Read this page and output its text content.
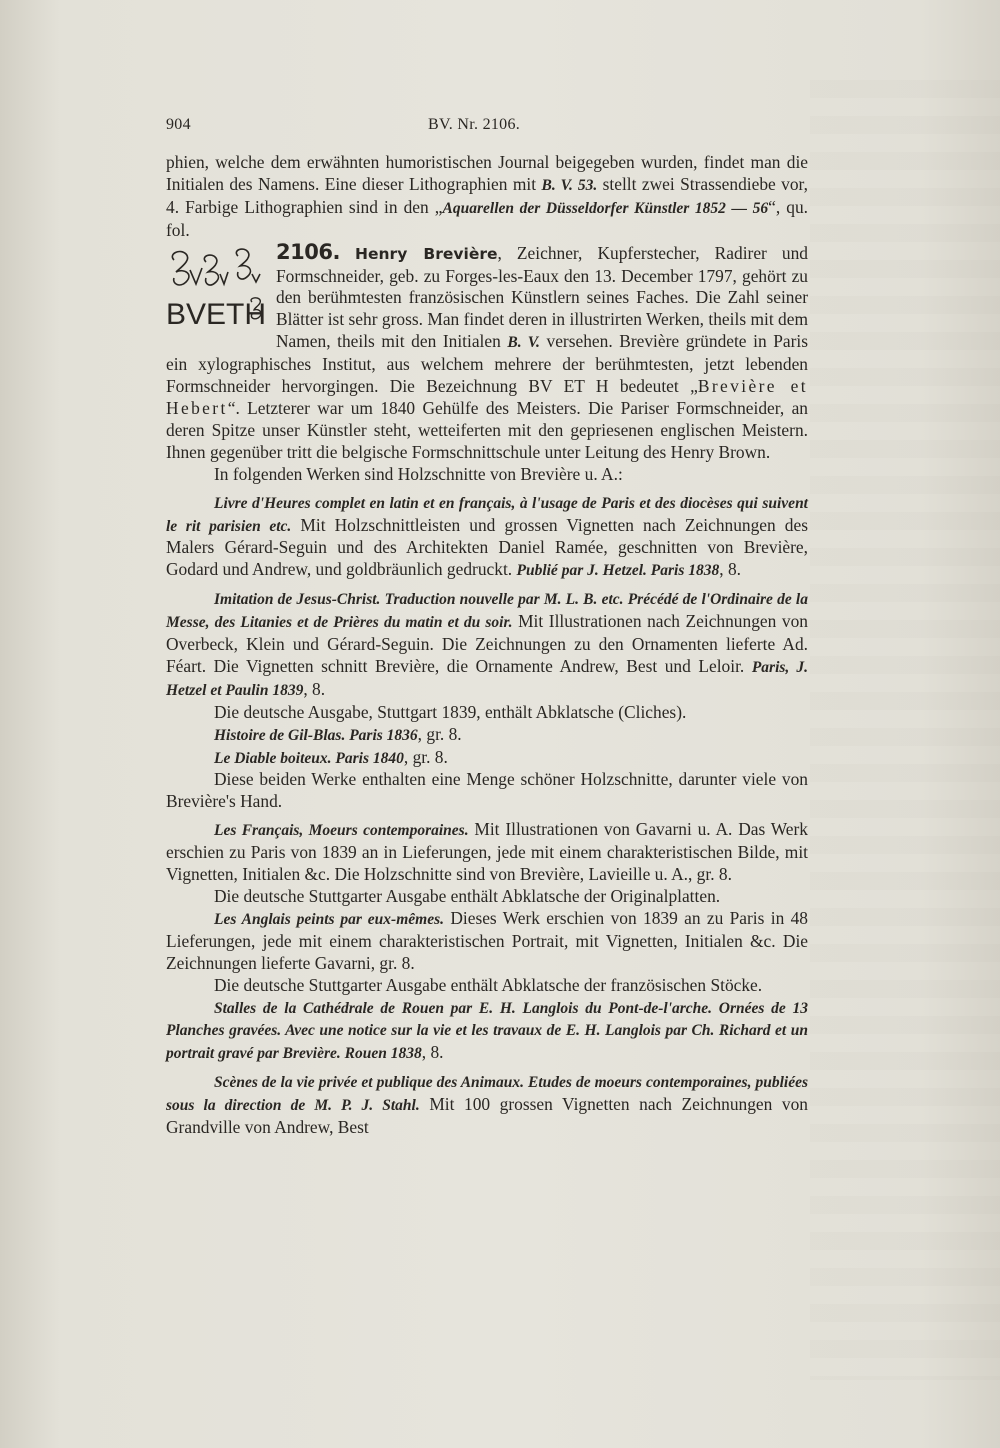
904	BV. Nr. 2106.

phien, welche dem erwähnten humoristischen Journal beigegeben wurden, findet man die Initialen des Namens. Eine dieser Lithographien mit B. V. 53. stellt zwei Strassendiebe vor, 4. Farbige Lithographien sind in den „Aquarellen der Düsseldorfer Künstler 1852 — 56“, qu. fol.

BVETH
2106. Henry Brevière, Zeichner, Kupferstecher, Radirer und Formschneider, geb. zu Forges-les-Eaux den 13. December 1797, gehört zu den berühmtesten französischen Künstlern seines Faches. Die Zahl seiner Blätter ist sehr gross. Man findet deren in illustrirten Werken, theils mit dem Namen, theils mit den Initialen B. V. versehen. Brevière gründete in Paris ein xylographisches Institut, aus welchem mehrere der berühmtesten, jetzt lebenden Formschneider hervorgingen. Die Bezeichnung BV ET H bedeutet „Brevière et Hebert“. Letzterer war um 1840 Gehülfe des Meisters. Die Pariser Formschneider, an deren Spitze unser Künstler steht, wetteiferten mit den gepriesenen englischen Meistern. Ihnen gegenüber tritt die belgische Formschnittschule unter Leitung des Henry Brown.

In folgenden Werken sind Holzschnitte von Brevière u. A.:

Livre d'Heures complet en latin et en français, à l'usage de Paris et des diocèses qui suivent le rit parisien etc. Mit Holzschnittleisten und grossen Vignetten nach Zeichnungen des Malers Gérard-Seguin und des Architekten Daniel Ramée, geschnitten von Brevière, Godard und Andrew, und goldbräunlich gedruckt. Publié par J. Hetzel. Paris 1838, 8.

Imitation de Jesus-Christ. Traduction nouvelle par M. L. B. etc. Précédé de l'Ordinaire de la Messe, des Litanies et de Prières du matin et du soir. Mit Illustrationen nach Zeichnungen von Overbeck, Klein und Gérard-Seguin. Die Zeichnungen zu den Ornamenten lieferte Ad. Féart. Die Vignetten schnitt Brevière, die Ornamente Andrew, Best und Leloir. Paris, J. Hetzel et Paulin 1839, 8.

Die deutsche Ausgabe, Stuttgart 1839, enthält Abklatsche (Cliches).

Histoire de Gil-Blas. Paris 1836, gr. 8.

Le Diable boiteux. Paris 1840, gr. 8.

Diese beiden Werke enthalten eine Menge schöner Holzschnitte, darunter viele von Brevière's Hand.

Les Français, Moeurs contemporaines. Mit Illustrationen von Gavarni u. A. Das Werk erschien zu Paris von 1839 an in Lieferungen, jede mit einem charakteristischen Bilde, mit Vignetten, Initialen &c. Die Holzschnitte sind von Brevière, Lavieille u. A., gr. 8.

Die deutsche Stuttgarter Ausgabe enthält Abklatsche der Originalplatten.

Les Anglais peints par eux-mêmes. Dieses Werk erschien von 1839 an zu Paris in 48 Lieferungen, jede mit einem charakteristischen Portrait, mit Vignetten, Initialen &c. Die Zeichnungen lieferte Gavarni, gr. 8.

Die deutsche Stuttgarter Ausgabe enthält Abklatsche der französischen Stöcke.

Stalles de la Cathédrale de Rouen par E. H. Langlois du Pont-de-l'arche. Ornées de 13 Planches gravées. Avec une notice sur la vie et les travaux de E. H. Langlois par Ch. Richard et un portrait gravé par Brevière. Rouen 1838, 8.

Scènes de la vie privée et publique des Animaux. Etudes de moeurs contemporaines, publiées sous la direction de M. P. J. Stahl. Mit 100 grossen Vignetten nach Zeichnungen von Grandville von Andrew, Best
